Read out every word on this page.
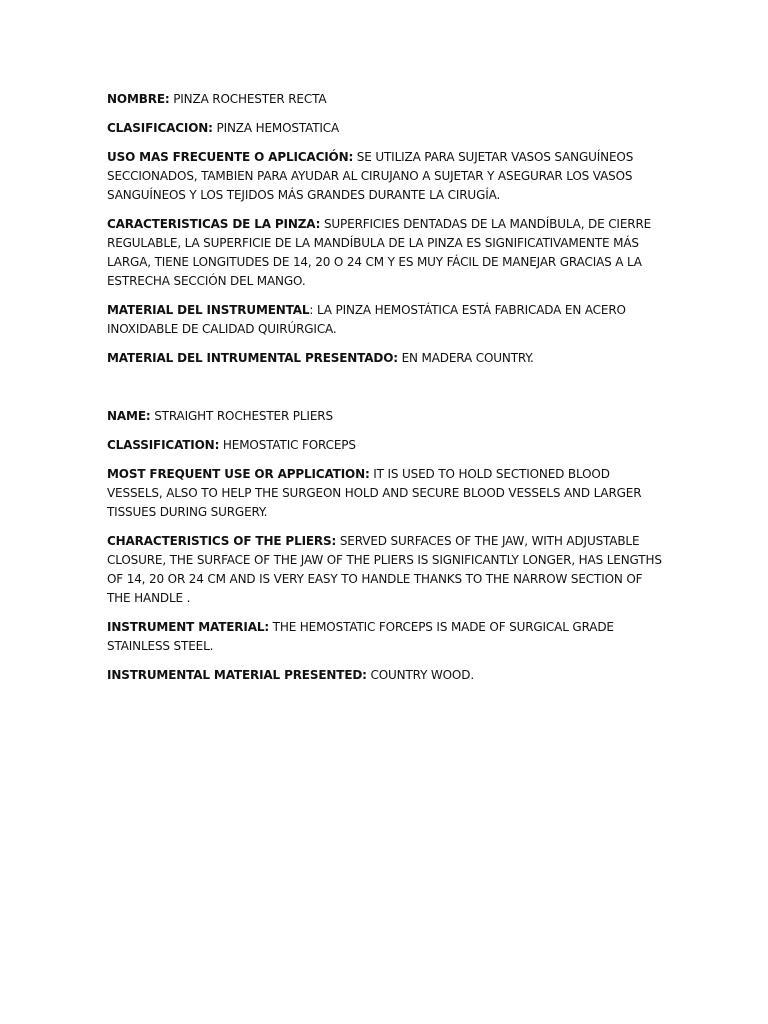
NOMBRE: PINZA ROCHESTER RECTA

CLASIFICACION: PINZA HEMOSTATICA

USO MAS FRECUENTE O APLICACIÓN: SE UTILIZA PARA SUJETAR VASOS SANGUÍNEOS SECCIONADOS, TAMBIEN PARA AYUDAR AL CIRUJANO A SUJETAR Y ASEGURAR LOS VASOS SANGUÍNEOS Y LOS TEJIDOS MÁS GRANDES DURANTE LA CIRUGÍA.

CARACTERISTICAS DE LA PINZA: SUPERFICIES DENTADAS DE LA MANDÍBULA, DE CIERRE REGULABLE, LA SUPERFICIE DE LA MANDÍBULA DE LA PINZA ES SIGNIFICATIVAMENTE MÁS LARGA, TIENE LONGITUDES DE 14, 20 O 24 CM Y ES MUY FÁCIL DE MANEJAR GRACIAS A LA ESTRECHA SECCIÓN DEL MANGO.

MATERIAL DEL INSTRUMENTAL: LA PINZA HEMOSTÁTICA ESTÁ FABRICADA EN ACERO INOXIDABLE DE CALIDAD QUIRÚRGICA.

MATERIAL DEL INTRUMENTAL PRESENTADO: EN MADERA COUNTRY.

NAME: STRAIGHT ROCHESTER PLIERS

CLASSIFICATION: HEMOSTATIC FORCEPS

MOST FREQUENT USE OR APPLICATION: IT IS USED TO HOLD SECTIONED BLOOD VESSELS, ALSO TO HELP THE SURGEON HOLD AND SECURE BLOOD VESSELS AND LARGER TISSUES DURING SURGERY.

CHARACTERISTICS OF THE PLIERS: SERVED SURFACES OF THE JAW, WITH ADJUSTABLE CLOSURE, THE SURFACE OF THE JAW OF THE PLIERS IS SIGNIFICANTLY LONGER, HAS LENGTHS OF 14, 20 OR 24 CM AND IS VERY EASY TO HANDLE THANKS TO THE NARROW SECTION OF THE HANDLE .

INSTRUMENT MATERIAL: THE HEMOSTATIC FORCEPS IS MADE OF SURGICAL GRADE STAINLESS STEEL.

INSTRUMENTAL MATERIAL PRESENTED: COUNTRY WOOD.
